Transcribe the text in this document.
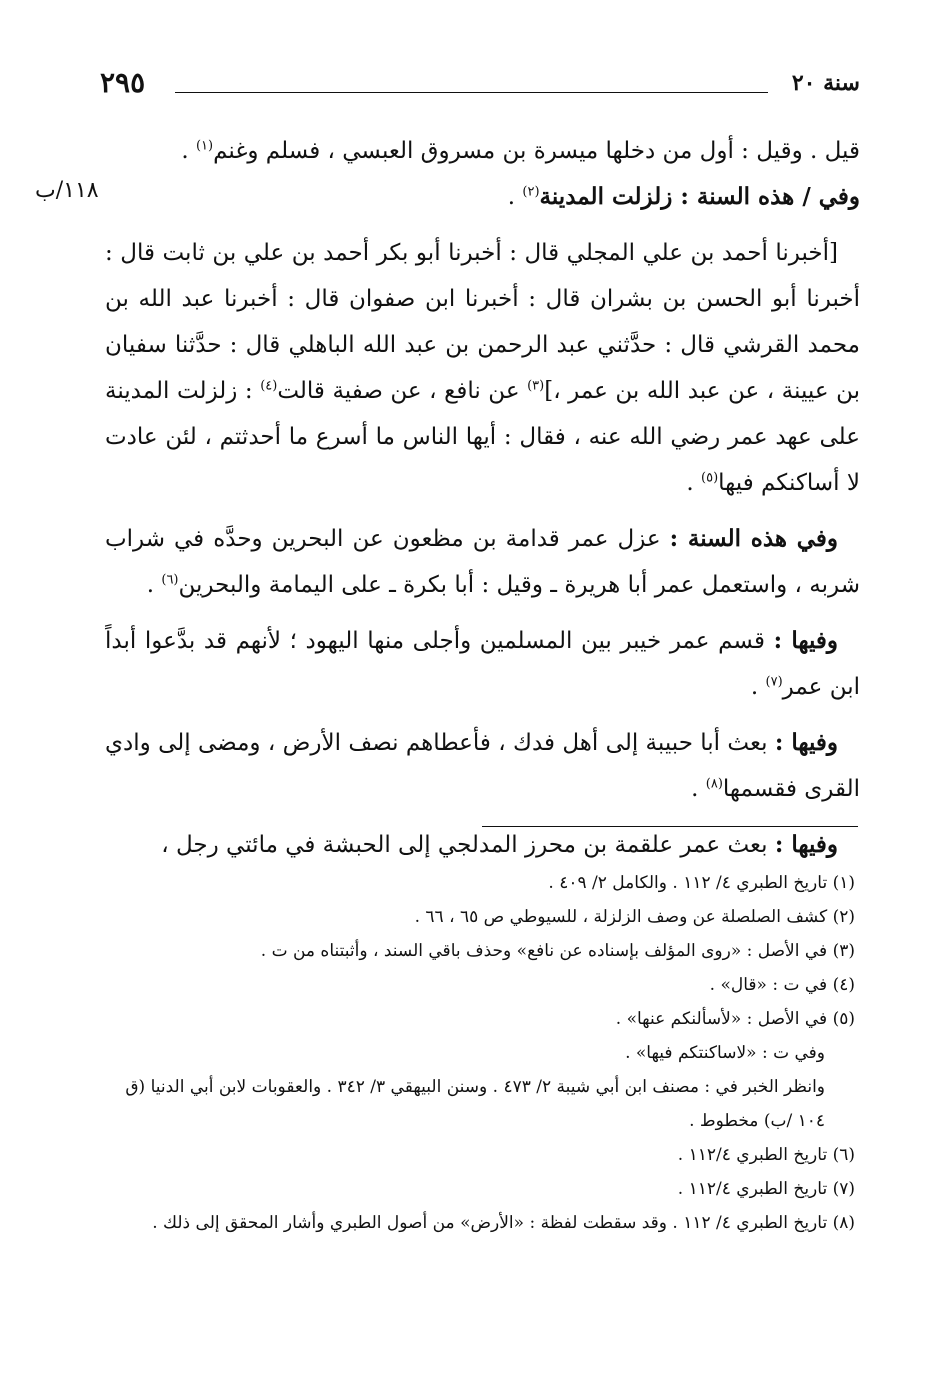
سنة ٢٠
٢٩٥
١١٨/ب

قيل . وقيل : أول من دخلها ميسرة بن مسروق العبسي ، فسلم وغنم$^{(١)}$ .

وفي / هذه السنة : زلزلت المدينة$^{(٢)}$ .

[أخبرنا أحمد بن علي المجلي قال : أخبرنا أبو بكر أحمد بن علي بن ثابت قال : أخبرنا أبو الحسن بن بشران قال : أخبرنا ابن صفوان قال : أخبرنا عبد الله بن محمد القرشي قال : حدَّثني عبد الرحمن بن عبد الله الباهلي قال : حدَّثنا سفيان بن عيينة ، عن عبد الله بن عمر ،]$^{(٣)}$ عن نافع ، عن صفية قالت$^{(٤)}$ : زلزلت المدينة على عهد عمر رضي الله عنه ، فقال : أيها الناس ما أسرع ما أحدثتم ، لئن عادت لا أساكنكم فيها$^{(٥)}$ .

وفي هذه السنة : عزل عمر قدامة بن مظعون عن البحرين وحدَّه في شراب شربه ، واستعمل عمر أبا هريرة ـ وقيل : أبا بكرة ـ على اليمامة والبحرين$^{(٦)}$ .

وفيها : قسم عمر خيبر بين المسلمين وأجلى منها اليهود ؛ لأنهم قد بدَّعوا أبداً ابن عمر$^{(٧)}$ .

وفيها : بعث أبا حبيبة إلى أهل فدك ، فأعطاهم نصف الأرض ، ومضى إلى وادي القرى فقسمها$^{(٨)}$ .

وفيها : بعث عمر علقمة بن محرز المدلجي إلى الحبشة في مائتي رجل ،

(١) تاريخ الطبري ٤/ ١١٢ . والكامل ٢/ ٤٠٩ .

(٢) كشف الصلصلة عن وصف الزلزلة ، للسيوطي ص ٦٥ ، ٦٦ .

(٣) في الأصل : «روى المؤلف بإسناده عن نافع» وحذف باقي السند ، وأثبتناه من ت .

(٤) في ت : «قال» .

(٥) في الأصل : «لأسألنكم عنها» .

وفي ت : «لاساكنتكم فيها» .

وانظر الخبر في : مصنف ابن أبي شيبة ٢/ ٤٧٣ . وسنن البيهقي ٣/ ٣٤٢ . والعقوبات لابن أبي الدنيا (ق ١٠٤ /ب) مخطوط .

(٦) تاريخ الطبري ١١٢/٤ .

(٧) تاريخ الطبري ١١٢/٤ .

(٨) تاريخ الطبري ٤/ ١١٢ . وقد سقطت لفظة : «الأرض» من أصول الطبري وأشار المحقق إلى ذلك .
